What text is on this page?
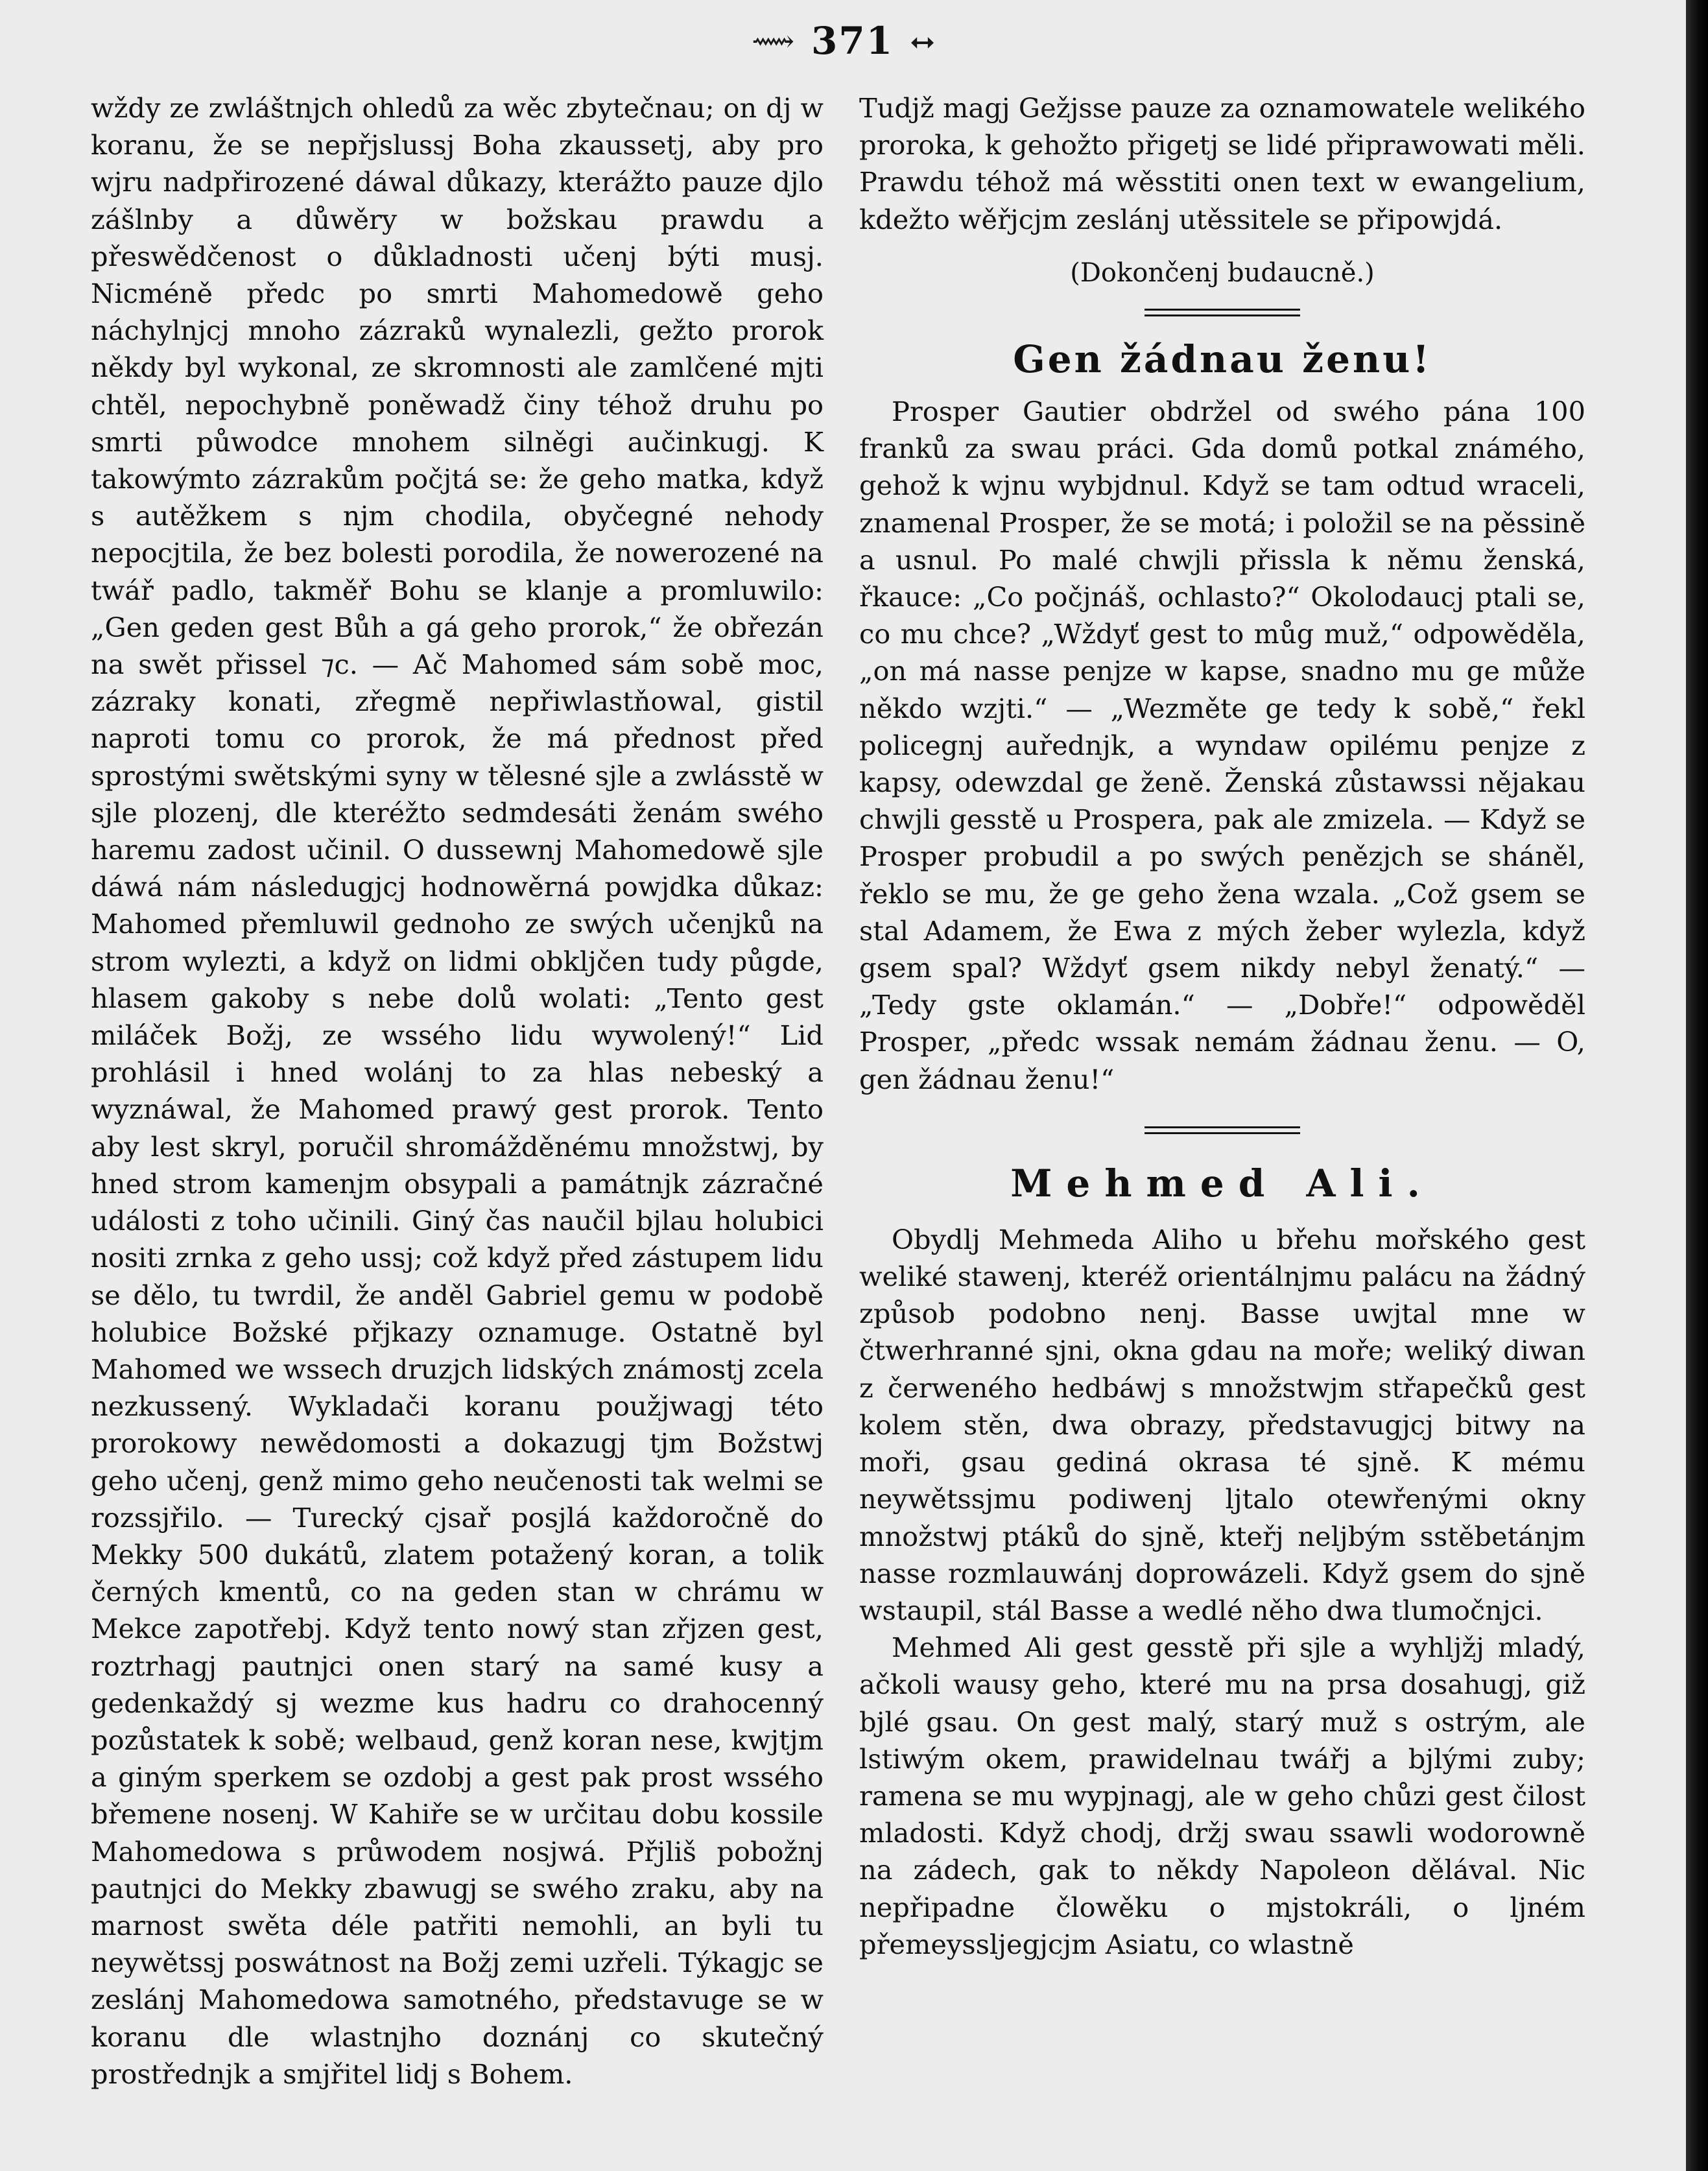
⟿ 371 ⭤

wždy ze zwláštnjch ohledů za wěc zbytečnau; on dj w koranu, že se nepřjslussj Boha zkaussetj, aby pro wjru nadpřirozené dáwal důkazy, kterážto pauze djlo zášlnby a důwěry w božskau prawdu a přeswědčenost o důkladnosti učenj býti musj. Nicméně předc po smrti Mahomedowě geho náchylnjcj mnoho zázraků wynalezli, gežto prorok někdy byl wykonal, ze skromnosti ale zamlčené mjti chtěl, nepochybně poněwadž činy téhož druhu po smrti půwodce mnohem silněgi aučinkugj. K takowýmto zázrakům počjtá se: že geho matka, když s autěžkem s njm chodila, obyčegné nehody nepocjtila, že bez bolesti porodila, že nowerozené na twář padlo, takměř Bohu se klanje a promluwilo: „Gen geden gest Bůh a gá geho prorok,“ že obřezán na swět přissel ⁊c. — Ač Mahomed sám sobě moc, zázraky konati, zřegmě nepřiwlastňowal, gistil naproti tomu co prorok, že má přednost před sprostými swětskými syny w tělesné sjle a zwlásstě w sjle plozenj, dle kteréžto sedmdesáti ženám swého haremu zadost učinil. O dussewnj Mahomedowě sjle dáwá nám následugjcj hodnowěrná powjdka důkaz: Mahomed přemluwil gednoho ze swých učenjků na strom wylezti, a když on lidmi obkljčen tudy půgde, hlasem gakoby s nebe dolů wolati: „Tento gest miláček Božj, ze wssého lidu wywolený!“ Lid prohlásil i hned wolánj to za hlas nebeský a wyznáwal, že Mahomed prawý gest prorok. Tento aby lest skryl, poručil shromážděnému množstwj, by hned strom kamenjm obsypali a památnjk zázračné události z toho učinili. Giný čas naučil bjlau holubici nositi zrnka z geho ussj; což když před zástupem lidu se dělo, tu twrdil, že anděl Gabriel gemu w podobě holubice Božské přjkazy oznamuge. Ostatně byl Mahomed we wssech druzjch lidských známostj zcela nezkussený. Wykladači koranu použjwagj této prorokowy newědomosti a dokazugj tjm Božstwj geho učenj, genž mimo geho neučenosti tak welmi se rozssjřilo. — Turecký cjsař posjlá každoročně do Mekky 500 dukátů, zlatem potažený koran, a tolik černých kmentů, co na geden stan w chrámu w Mekce zapotřebj. Když tento nowý stan zřjzen gest, roztrhagj pautnjci onen starý na samé kusy a gedenkaždý sj wezme kus hadru co drahocenný pozůstatek k sobě; welbaud, genž koran nese, kwjtjm a giným sperkem se ozdobj a gest pak prost wssého břemene nosenj. W Kahiře se w určitau dobu kossile Mahomedowa s průwodem nosjwá. Přjliš pobožnj pautnjci do Mekky zbawugj se swého zraku, aby na marnost swěta déle patřiti nemohli, an byli tu neywětssj poswátnost na Božj zemi uzřeli. Týkagjc se zeslánj Mahomedowa samotného, představuge se w koranu dle wlastnjho doznánj co skutečný prostřednjk a smjřitel lidj s Bohem.

Tudjž magj Gežjsse pauze za oznamowatele welikého proroka, k gehožto přigetj se lidé připrawowati měli. Prawdu téhož má wěsstiti onen text w ewangelium, kdežto wěřjcjm zeslánj utěssitele se připowjdá.

(Dokončenj budaucně.)
Gen žádnau ženu!

Prosper Gautier obdržel od swého pána 100 franků za swau práci. Gda domů potkal známého, gehož k wjnu wybjdnul. Když se tam odtud wraceli, znamenal Prosper, že se motá; i položil se na pěssině a usnul. Po malé chwjli přissla k němu ženská, řkauce: „Co počjnáš, ochlasto?“ Okolodaucj ptali se, co mu chce? „Wždyť gest to můg muž,“ odpowěděla, „on má nasse penjze w kapse, snadno mu ge může někdo wzjti.“ — „Wezměte ge tedy k sobě,“ řekl policegnj auřednjk, a wyndaw opilému penjze z kapsy, odewzdal ge ženě. Ženská zůstawssi nějakau chwjli gesstě u Prospera, pak ale zmizela. — Když se Prosper probudil a po swých penězjch se sháněl, řeklo se mu, že ge geho žena wzala. „Což gsem se stal Adamem, že Ewa z mých žeber wylezla, když gsem spal? Wždyť gsem nikdy nebyl ženatý.“ — „Tedy gste oklamán.“ — „Dobře!“ odpowěděl Prosper, „předc wssak nemám žádnau ženu. — O, gen žádnau ženu!“

Mehmed Ali.

Obydlj Mehmeda Aliho u břehu mořského gest weliké stawenj, kteréž orientálnjmu palácu na žádný způsob podobno nenj. Basse uwjtal mne w čtwerhranné sjni, okna gdau na moře; weliký diwan z čerweného hedbáwj s množstwjm střapečků gest kolem stěn, dwa obrazy, představugjcj bitwy na moři, gsau gediná okrasa té sjně. K mému neywětssjmu podiwenj ljtalo otewřenými okny množstwj ptáků do sjně, kteřj neljbým sstěbetánjm nasse rozmlauwánj doprowázeli. Když gsem do sjně wstaupil, stál Basse a wedlé něho dwa tlumočnjci.

Mehmed Ali gest gesstě při sjle a wyhljžj mladý, ačkoli wausy geho, které mu na prsa dosahugj, giž bjlé gsau. On gest malý, starý muž s ostrým, ale lstiwým okem, prawidelnau twářj a bjlými zuby; ramena se mu wypjnagj, ale w geho chůzi gest čilost mladosti. Když chodj, držj swau ssawli wodorowně na zádech, gak to někdy Napoleon dělával. Nic nepřipadne člowěku o mjstokráli, o ljném přemeyssljegjcjm Asiatu, co wlastně
